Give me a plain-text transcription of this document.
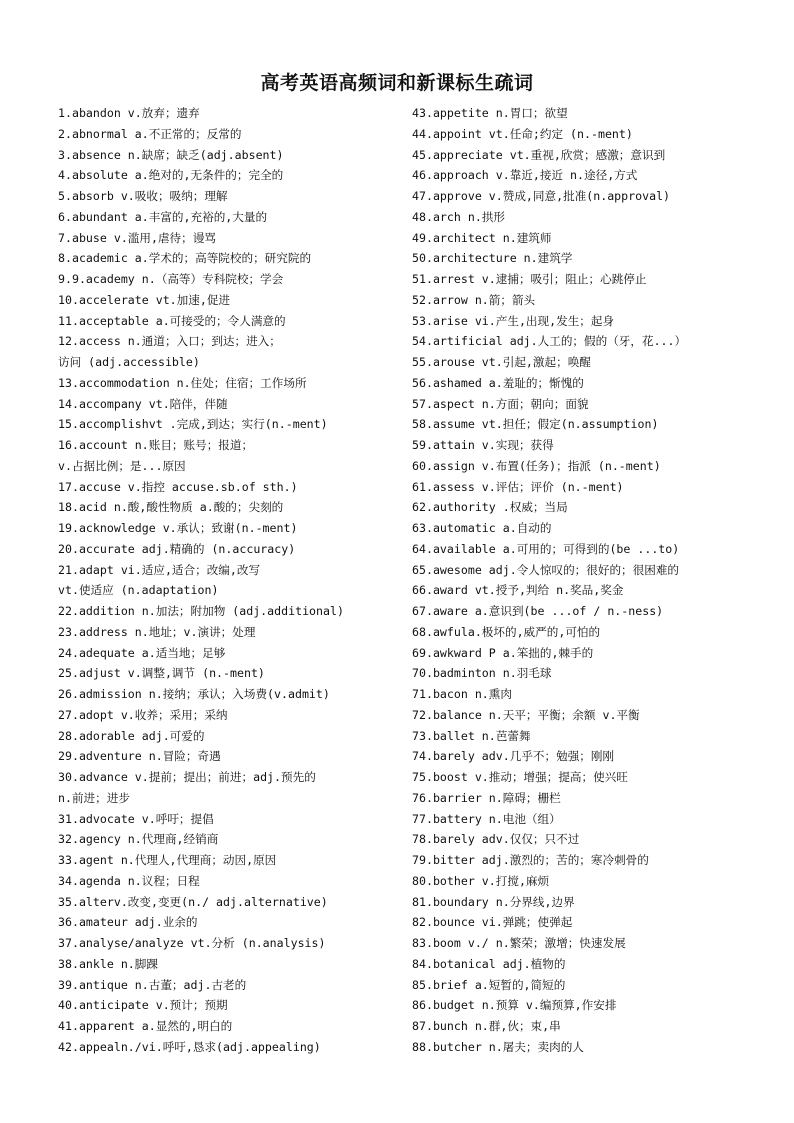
高考英语高频词和新课标生疏词
1.abandon v.放弃；遗弃
2.abnormal a.不正常的；反常的
3.absence n.缺席；缺乏(adj.absent)
4.absolute a.绝对的,无条件的；完全的
5.absorb v.吸收；吸纳；理解
6.abundant a.丰富的,充裕的,大量的
7.abuse v.滥用,虐待；谩骂
8.academic a.学术的；高等院校的；研究院的
9.9.academy n.（高等）专科院校；学会
10.accelerate vt.加速,促进
11.acceptable a.可接受的；令人满意的
12.access n.通道；入口；到达；进入；
访问 (adj.accessible)
13.accommodation n.住处；住宿；工作场所
14.accompany vt.陪伴，伴随
15.accomplishvt .完成,到达；实行(n.-ment)
16.account n.账目；账号；报道；
v.占据比例；是...原因
17.accuse v.指控 accuse.sb.of sth.)
18.acid n.酸,酸性物质 a.酸的；尖刻的
19.acknowledge v.承认；致谢(n.-ment)
20.accurate adj.精确的 (n.accuracy)
21.adapt vi.适应,适合；改编,改写
vt.使适应 (n.adaptation)
22.addition n.加法；附加物 (adj.additional)
23.address n.地址；v.演讲；处理
24.adequate a.适当地；足够
25.adjust v.调整,调节 (n.-ment)
26.admission n.接纳；承认；入场费(v.admit)
27.adopt v.收养；采用；采纳
28.adorable adj.可爱的
29.adventure n.冒险；奇遇
30.advance v.提前；提出；前进；adj.预先的
n.前进；进步
31.advocate v.呼吁；提倡
32.agency n.代理商,经销商
33.agent n.代理人,代理商；动因,原因
34.agenda n.议程；日程
35.alterv.改变,变更(n./ adj.alternative)
36.amateur adj.业余的
37.analyse/analyze vt.分析 (n.analysis)
38.ankle n.脚踝
39.antique n.古董；adj.古老的
40.anticipate v.预计；预期
41.apparent a.显然的,明白的
42.appealn./vi.呼吁,恳求(adj.appealing)
43.appetite n.胃口；欲望
44.appoint vt.任命;约定 (n.-ment)
45.appreciate vt.重视,欣赏；感激；意识到
46.approach v.靠近,接近 n.途径,方式
47.approve v.赞成,同意,批准(n.approval)
48.arch n.拱形
49.architect n.建筑师
50.architecture n.建筑学
51.arrest v.逮捕；吸引；阻止；心跳停止
52.arrow n.箭；箭头
53.arise vi.产生,出现,发生；起身
54.artificial adj.人工的；假的（牙，花...）
55.arouse vt.引起,激起；唤醒
56.ashamed a.羞耻的；惭愧的
57.aspect n.方面；朝向；面貌
58.assume vt.担任；假定(n.assumption)
59.attain v.实现；获得
60.assign v.布置(任务)；指派 (n.-ment)
61.assess v.评估；评价 (n.-ment)
62.authority .权威；当局
63.automatic a.自动的
64.available a.可用的；可得到的(be ...to)
65.awesome adj.令人惊叹的；很好的；很困难的
66.award vt.授予,判给 n.奖品,奖金
67.aware a.意识到(be ...of / n.-ness)
68.awfula.极坏的,威严的,可怕的
69.awkward P a.笨拙的,棘手的
70.badminton n.羽毛球
71.bacon n.熏肉
72.balance n.天平；平衡；余额 v.平衡
73.ballet n.芭蕾舞
74.barely adv.几乎不；勉强；刚刚
75.boost v.推动；增强；提高；使兴旺
76.barrier n.障碍；栅栏
77.battery n.电池（组）
78.barely adv.仅仅；只不过
79.bitter adj.激烈的；苦的；寒冷刺骨的
80.bother v.打搅,麻烦
81.boundary n.分界线,边界
82.bounce vi.弹跳；使弹起
83.boom v./ n.繁荣；激增；快速发展
84.botanical adj.植物的
85.brief a.短暂的,简短的
86.budget n.预算 v.编预算,作安排
87.bunch n.群,伙；束,串
88.butcher n.屠夫；卖肉的人
